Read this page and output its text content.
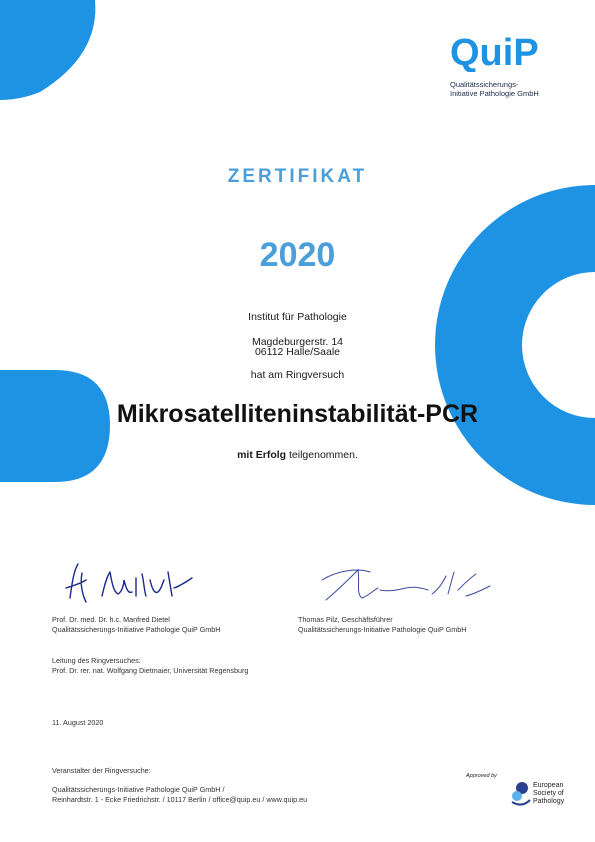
QuiP
Qualitätssicherungs-
Initiative Pathologie GmbH
ZERTIFIKAT
2020
Institut für Pathologie
Magdeburgerstr. 14
06112 Halle/Saale
hat am Ringversuch
Mikrosatelliteninstabilität-PCR
mit Erfolg teilgenommen.
Prof. Dr. med. Dr. h.c. Manfred Dietel
Qualitätssicherungs-Initiative Pathologie QuiP GmbH
Thomas Pilz, Geschäftsführer
Qualitätssicherungs-Initiative Pathologie QuiP GmbH
Leitung des Ringversuches:
Prof. Dr. rer. nat. Wolfgang Dietmaier, Universität Regensburg
11. August 2020
Veranstalter der Ringversuche:
Qualitätssicherungs-Initiative Pathologie QuiP GmbH /
Reinhardtstr. 1 - Ecke Friedrichstr. / 10117 Berlin / office@quip.eu / www.quip.eu
Approved by
European
Society of
Pathology
